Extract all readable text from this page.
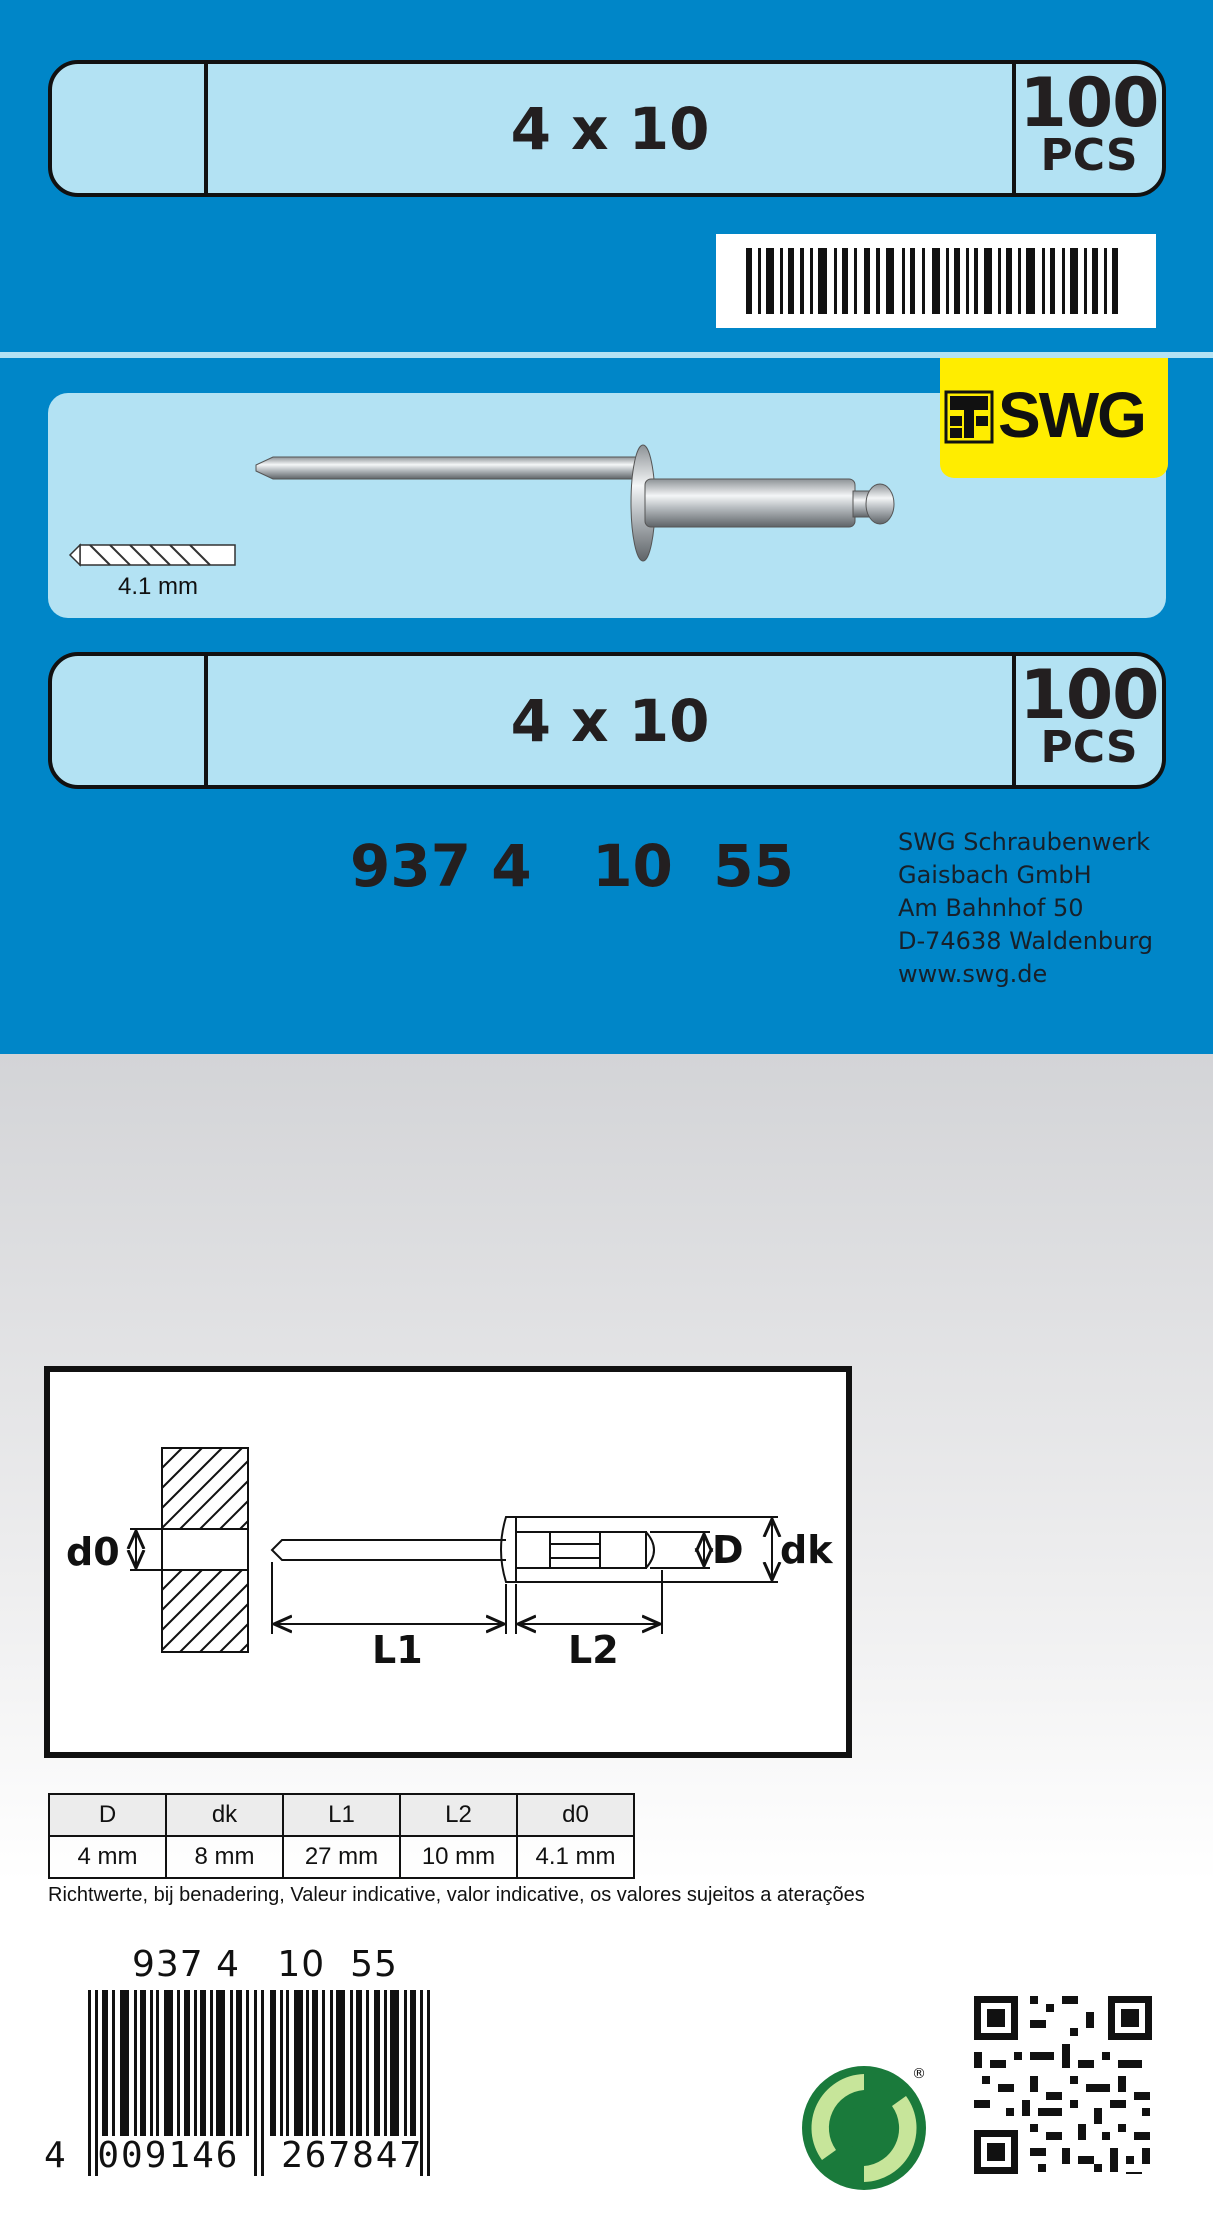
4 x 10	100
PCS
4.1 mm
SWG
4 x 10	100
PCS
937 4   10  55	SWG Schraubenwerk
Gaisbach GmbH
Am Bahnhof 50
D-74638 Waldenburg
www.swg.de
d0
L1	L2
D dk
D	dk	L1	L2	d0
4 mm	8 mm	27 mm	10 mm	4.1 mm
Richtwerte, bij benadering, Valeur indicative, valor indicative, os valores sujeitos a aterações
937 4   10  55
4 009146 267847
®
